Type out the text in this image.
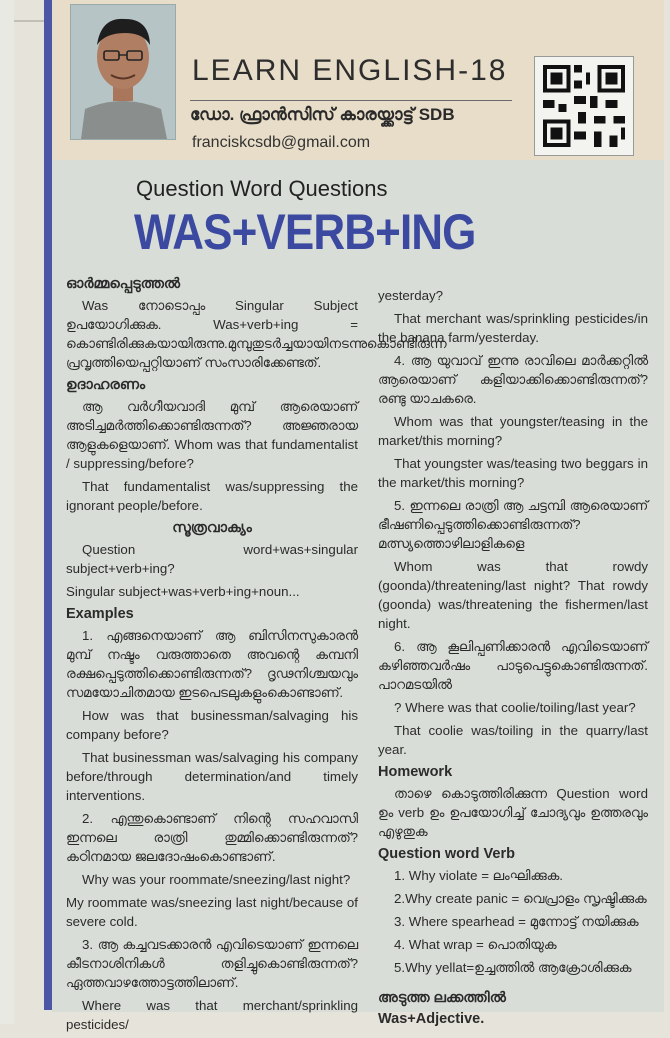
LEARN ENGLISH-18
ഡോ. ഫ്രാൻസിസ് കാരയ്ക്കാട്ട് SDB
franciskcsdb@gmail.com
Question Word Questions
WAS+VERB+ING

ഓർമ്മപ്പെടുത്തൽ

Was നോടൊപ്പം Singular Subject ഉപയോഗിക്കുക. Was+verb+ing = കൊണ്ടിരിക്കുകയായിരുന്നു.മുമ്പുതുടർച്ചയായിനടന്നുകൊണ്ടിരുന്ന പ്രവൃത്തിയെപ്പറ്റിയാണ് സംസാരിക്കേണ്ടത്.

ഉദാഹരണം

ആ വർഗീയവാദി മുമ്പ് ആരെയാണ് അടിച്ചമർത്തിക്കൊണ്ടിരുന്നത്? അജ്ഞരായ ആളുകളെയാണ്. Whom was that fundamentalist / suppressing/before?

That fundamentalist was/suppressing the ignorant people/before.

സൂത്രവാക്യം

Question word+was+singular subject+verb+ing?

Singular subject+was+verb+ing+noun...

Examples

1. എങ്ങനെയാണ് ആ ബിസിനസുകാരൻ മുമ്പ് നഷ്ടം വരുത്താതെ അവന്റെ കമ്പനി രക്ഷപ്പെടുത്തിക്കൊണ്ടിരുന്നത്? ദൃഢനിശ്ചയവും സമയോചിതമായ ഇടപെടലുകളുംകൊണ്ടാണ്.

How was that businessman/salvaging his company before?

That businessman was/salvaging his company before/through determination/and timely interventions.

2. എന്തുകൊണ്ടാണ് നിന്റെ സഹവാസി ഇന്നലെ രാത്രി തുമ്മിക്കൊണ്ടിരുന്നത്? കഠിനമായ ജലദോഷംകൊണ്ടാണ്.

Why was your roommate/sneezing/last night?

My roommate was/sneezing last night/because of severe cold.

3. ആ കച്ചവടക്കാരൻ എവിടെയാണ് ഇന്നലെ കീടനാശിനികൾ തളിച്ചുകൊണ്ടിരുന്നത്? ഏത്തവാഴത്തോട്ടത്തിലാണ്.

Where was that merchant/sprinkling pesticides/

yesterday?

That merchant was/sprinkling pesticides/in the banana farm/yesterday.

4. ആ യുവാവ് ഇന്നു രാവിലെ മാർക്കറ്റിൽ ആരെയാണ് കളിയാക്കിക്കൊണ്ടിരുന്നത്? രണ്ടു യാചകരെ.

Whom was that youngster/teasing in the market/this morning?

That youngster was/teasing two beggars in the market/this morning?

5. ഇന്നലെ രാത്രി ആ ചട്ടമ്പി ആരെയാണ് ഭീഷണിപ്പെടുത്തിക്കൊണ്ടിരുന്നത്? മത്സ്യത്തൊഴിലാളികളെ

Whom was that rowdy (goonda)/threatening/last night? That rowdy (goonda) was/threatening the fishermen/last night.

6. ആ കൂലിപ്പണിക്കാരൻ എവിടെയാണ് കഴിഞ്ഞവർഷം പാടുപെട്ടുകൊണ്ടിരുന്നത്. പാറമടയിൽ

? Where was that coolie/toiling/last year?

That coolie was/toiling in the quarry/last year.

Homework

താഴെ കൊടുത്തിരിക്കുന്ന Question word ഉം verb ഉം ഉപയോഗിച്ച് ചോദ്യവും ഉത്തരവും എഴുതുക

Question word Verb

1. Why violate = ലംഘിക്കുക.

2.Why create panic = വെപ്രാളം സൃഷ്ടിക്കുക

3. Where spearhead = മുന്നോട്ട് നയിക്കുക

4. What wrap = പൊതിയുക

5.Why yellat=ഉച്ചത്തിൽ ആക്രോശിക്കുക

അടുത്ത ലക്കത്തിൽ
Was+Adjective.
